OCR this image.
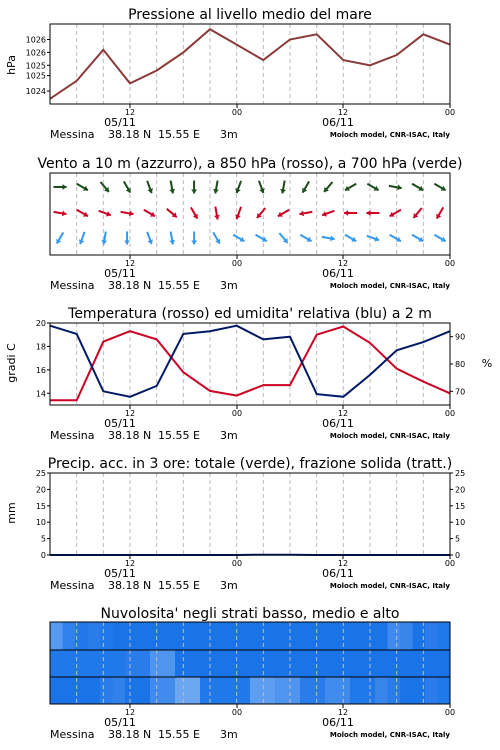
Pressione al livello medio del mare
hPa
1024
1025
1025
1026
1026
12	00	12	00
05/11	06/11
Messina 38.18 N 15.55 E 3m	Moloch model, CNR-ISAC, Italy
Vento a 10 m (azzurro), a 850 hPa (rosso), a 700 hPa (verde)
12	00	12	00
05/11	06/11
Messina 38.18 N 15.55 E 3m	Moloch model, CNR-ISAC, Italy
Temperatura (rosso) ed umidita' relativa (blu) a 2 m
gradi C	%
14
16
18
20
70
80
90
12	00	12	00
05/11	06/11
Messina 38.18 N 15.55 E 3m	Moloch model, CNR-ISAC, Italy
Precip. acc. in 3 ore: totale (verde), frazione solida (tratt.)
mm
0
5
10
15
20
25
0
5
10
15
20
25
12	00	12	00
05/11	06/11
Messina 38.18 N 15.55 E 3m	Moloch model, CNR-ISAC, Italy
Nuvolosita' negli strati basso, medio e alto
12	00	12	00
05/11	06/11
Messina 38.18 N 15.55 E 3m	Moloch model, CNR-ISAC, Italy
